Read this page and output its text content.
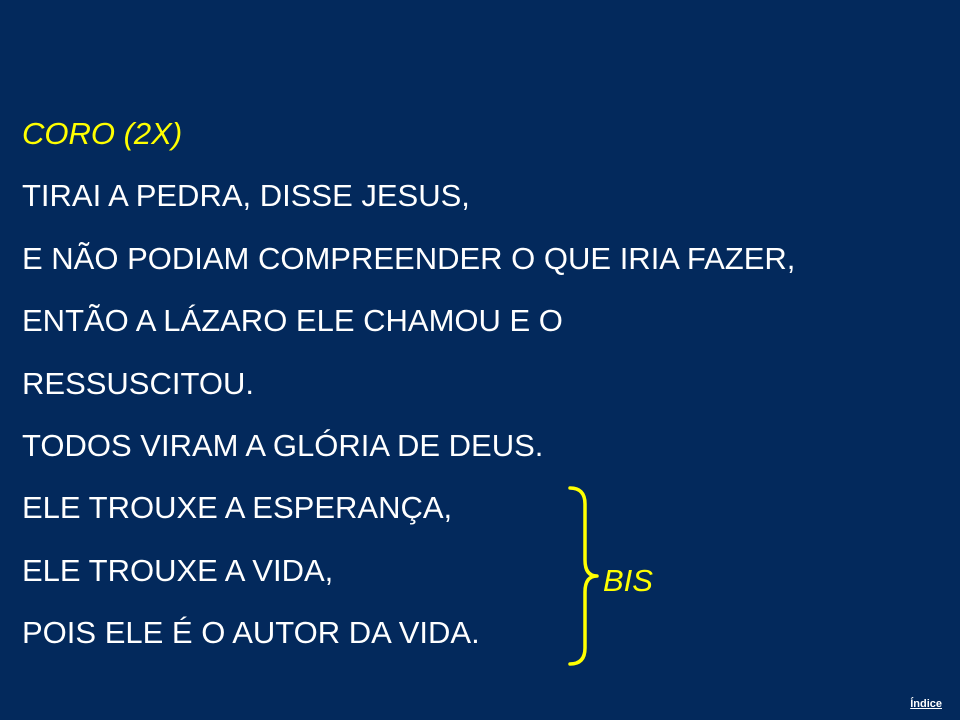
CORO (2X)
TIRAI A PEDRA, DISSE JESUS,
E NÃO PODIAM COMPREENDER O QUE IRIA FAZER,
ENTÃO A LÁZARO ELE CHAMOU E O
RESSUSCITOU.
TODOS VIRAM A GLÓRIA DE DEUS.
ELE TROUXE A ESPERANÇA,
ELE TROUXE A VIDA,
POIS ELE É O AUTOR DA VIDA.
BIS
Índice
